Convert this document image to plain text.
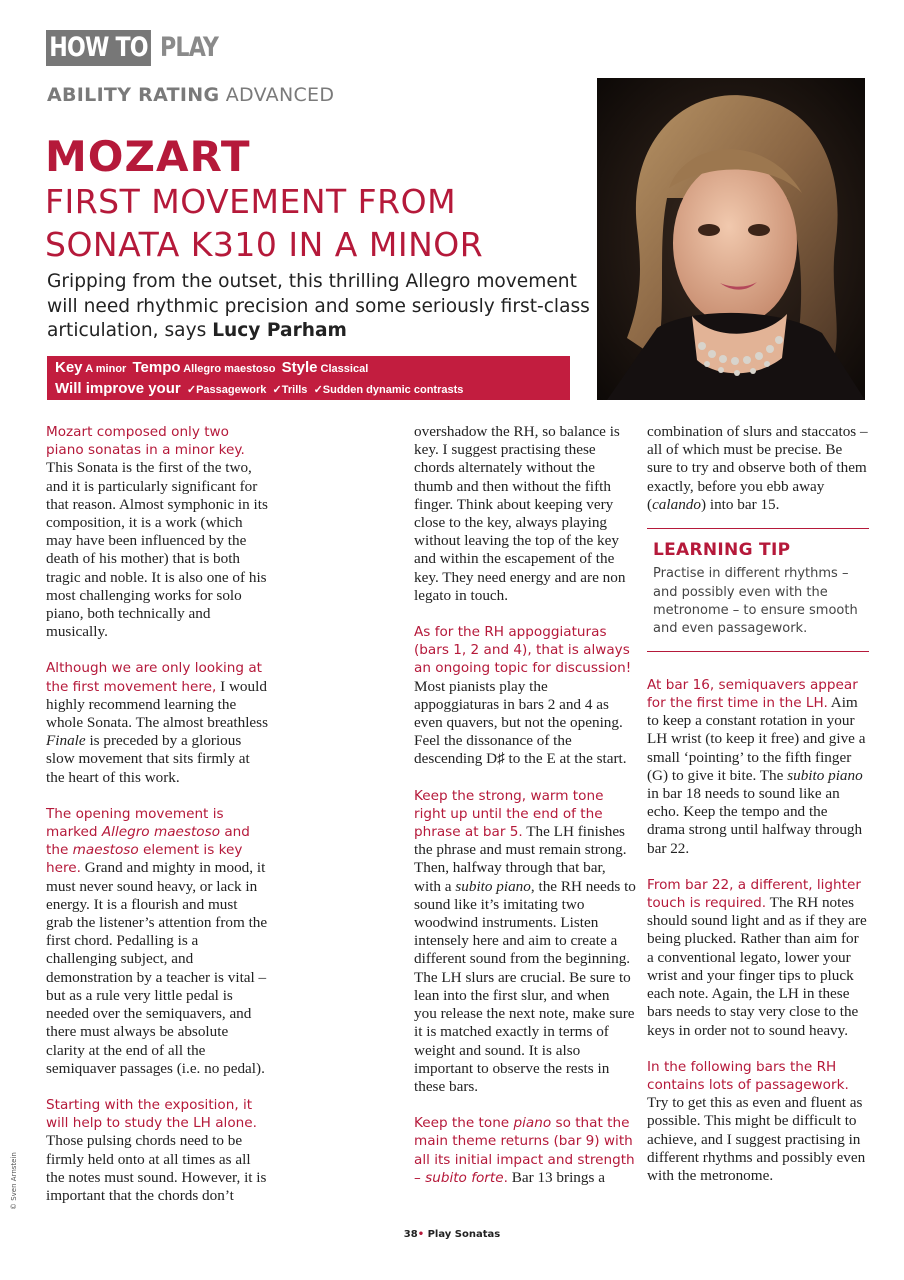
HOW TO PLAY
ABILITY RATING ADVANCED
MOZART
FIRST MOVEMENT FROM
SONATA K310 IN A MINOR
Gripping from the outset, this thrilling Allegro movement
will need rhythmic precision and some seriously first-class
articulation, says Lucy Parham
Key A minor Tempo Allegro maestoso Style Classical
Will improve your ✓Passagework ✓Trills ✓Sudden dynamic contrasts

Mozart composed only two piano sonatas in a minor key. This Sonata is the first of the two, and it is particularly significant for that reason. Almost symphonic in its composition, it is a work (which may have been influenced by the death of his mother) that is both tragic and noble. It is also one of his most challenging works for solo piano, both technically and musically.

Although we are only looking at the first movement here, I would highly recommend learning the whole Sonata. The almost breathless Finale is preceded by a glorious slow movement that sits firmly at the heart of this work.

The opening movement is marked Allegro maestoso and the maestoso element is key here. Grand and mighty in mood, it must never sound heavy, or lack in energy. It is a flourish and must grab the listener’s attention from the first chord. Pedalling is a challenging subject, and demonstration by a teacher is vital – but as a rule very little pedal is needed over the semiquavers, and there must always be absolute clarity at the end of all the semiquaver passages (i.e. no pedal).

Starting with the exposition, it will help to study the LH alone. Those pulsing chords need to be firmly held onto at all times as all the notes must sound. However, it is important that the chords don’t

overshadow the RH, so balance is key. I suggest practising these chords alternately without the thumb and then without the fifth finger. Think about keeping very close to the key, always playing without leaving the top of the key and within the escapement of the key. They need energy and are non legato in touch.

As for the RH appoggiaturas (bars 1, 2 and 4), that is always an ongoing topic for discussion! Most pianists play the appoggiaturas in bars 2 and 4 as even quavers, but not the opening. Feel the dissonance of the descending D♯ to the E at the start.

Keep the strong, warm tone right up until the end of the phrase at bar 5. The LH finishes the phrase and must remain strong. Then, halfway through that bar, with a subito piano, the RH needs to sound like it’s imitating two woodwind instruments. Listen intensely here and aim to create a different sound from the beginning. The LH slurs are crucial. Be sure to lean into the first slur, and when you release the next note, make sure it is matched exactly in terms of weight and sound. It is also important to observe the rests in these bars.

Keep the tone piano so that the main theme returns (bar 9) with all its initial impact and strength – subito forte. Bar 13 brings a

combination of slurs and staccatos – all of which must be precise. Be sure to try and observe both of them exactly, before you ebb away (calando) into bar 15.

LEARNING TIP
Practise in different rhythms – and possibly even with the metronome – to ensure smooth and even passagework.

At bar 16, semiquavers appear for the first time in the LH. Aim to keep a constant rotation in your LH wrist (to keep it free) and give a small ‘pointing’ to the fifth finger (G) to give it bite. The subito piano in bar 18 needs to sound like an echo. Keep the tempo and the drama strong until halfway through bar 22.

From bar 22, a different, lighter touch is required. The RH notes should sound light and as if they are being plucked. Rather than aim for a conventional legato, lower your wrist and your finger tips to pluck each note. Again, the LH in these bars needs to stay very close to the keys in order not to sound heavy.

In the following bars the RH contains lots of passagework. Try to get this as even and fluent as possible. This might be difficult to achieve, and I suggest practising in different rhythms and possibly even with the metronome.

38• Play Sonatas
© Sven Arnstein
